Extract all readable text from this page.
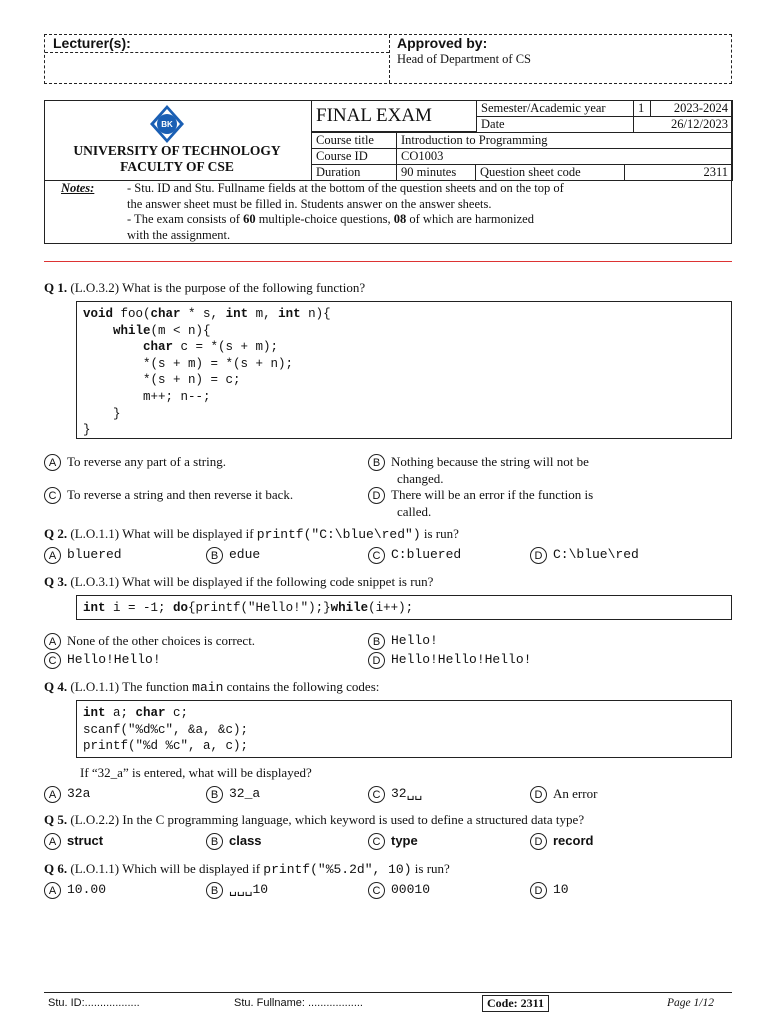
Lecturer(s):	Approved by:
Head of Department of CS
BK
UNIVERSITY OF TECHNOLOGY
FACULTY OF CSE
FINAL EXAM	Semester/Academic year	1	2023-2024
Date	26/12/2023
Course title	Introduction to Programming
Course ID	CO1003
Duration	90 minutes	Question sheet code	2311
Notes:	- Stu. ID and Stu. Fullname fields at the bottom of the question sheets and on the top of
the answer sheet must be filled in. Students answer on the answer sheets.
- The exam consists of 60 multiple-choice questions, 08 of which are harmonized
with the assignment.
Q 1. (L.O.3.2) What is the purpose of the following function?
void foo(char * s, int m, int n){
while(m < n){
char c = *(s + m);
*(s + m) = *(s + n);
*(s + n) = c;
m++; n--;
}
}
A To reverse any part of a string.	B Nothing because the string will not be
changed.
C To reverse a string and then reverse it back.	D There will be an error if the function is
called.
Q 2. (L.O.1.1) What will be displayed if printf("C:\blue\red") is run?
A bluered	B edue	C C:bluered	D C:\blue\red
Q 3. (L.O.3.1) What will be displayed if the following code snippet is run?
int i = -1; do{printf("Hello!");}while(i++);
A None of the other choices is correct.	B Hello!
C Hello!Hello!	D Hello!Hello!Hello!
Q 4. (L.O.1.1) The function main contains the following codes:
int a; char c;
scanf("%d%c", &a, &c);
printf("%d %c", a, c);
If “32_a” is entered, what will be displayed?
A 32a	B 32_a	C 32␣␣	D An error
Q 5. (L.O.2.2) In the C programming language, which keyword is used to define a structured data type?
A struct	B class	C type	D record
Q 6. (L.O.1.1) Which will be displayed if printf("%5.2d", 10) is run?
A 10.00	B ␣␣␣10	C 00010	D 10
Stu. ID:..................	Stu. Fullname: ..................	Code: 2311	Page 1/12
